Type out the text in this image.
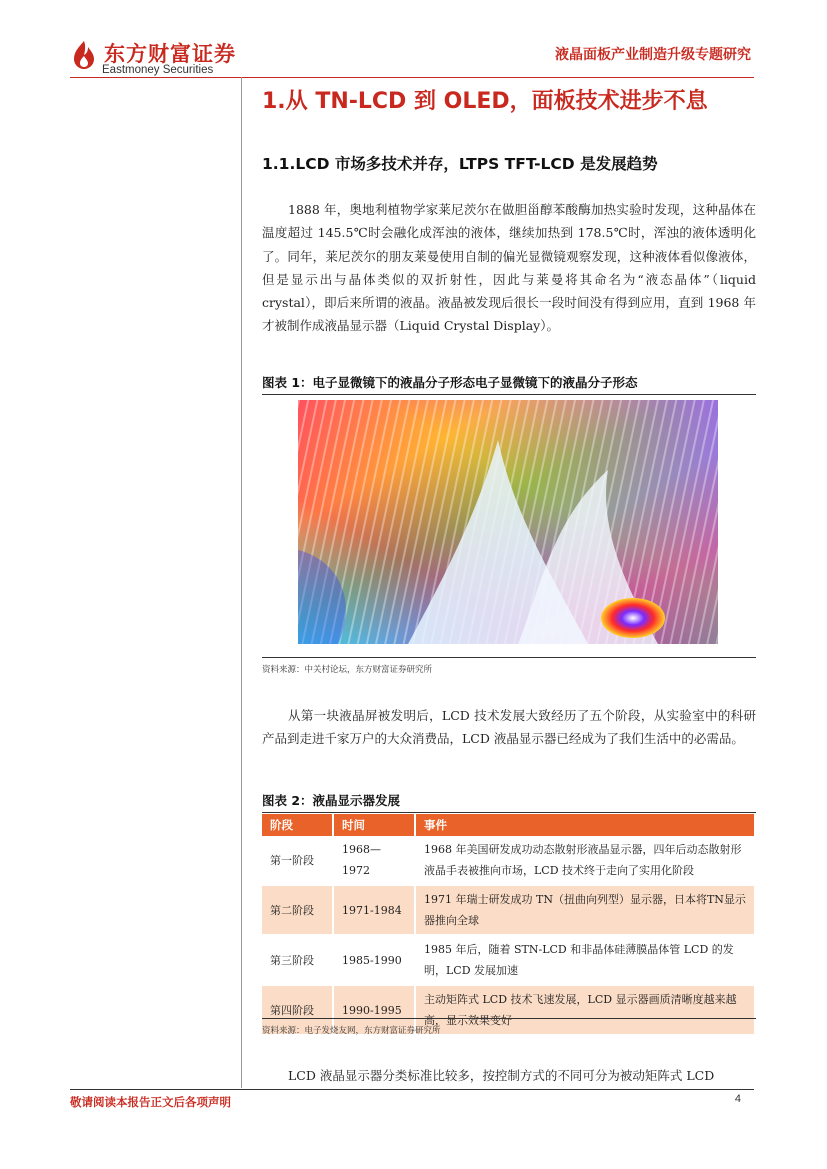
东方财富证券
Eastmoney Securities
液晶面板产业制造升级专题研究
1.从 TN-LCD 到 OLED，面板技术进步不息
1.1.LCD 市场多技术并存，LTPS TFT-LCD 是发展趋势
1888 年，奥地利植物学家莱尼茨尔在做胆甾醇苯酸酶加热实验时发现，这种晶体在温度超过 145.5℃时会融化成浑浊的液体，继续加热到 178.5℃时，浑浊的液体透明化了。同年，莱尼茨尔的朋友莱曼使用自制的偏光显微镜观察发现，这种液体看似像液体，但是显示出与晶体类似的双折射性，因此与莱曼将其命名为“液态晶体”（liquid crystal），即后来所谓的液晶。液晶被发现后很长一段时间没有得到应用，直到 1968 年才被制作成液晶显示器（Liquid Crystal Display）。
图表 1：电子显微镜下的液晶分子形态电子显微镜下的液晶分子形态
资料来源：中关村论坛，东方财富证券研究所
从第一块液晶屏被发明后，LCD 技术发展大致经历了五个阶段，从实验室中的科研产品到走进千家万户的大众消费品，LCD 液晶显示器已经成为了我们生活中的必需品。
图表 2：液晶显示器发展
阶段	时间	事件
第一阶段	1968—1972	1968 年美国研发成功动态散射形液晶显示器，四年后动态散射形液晶手表被推向市场，LCD 技术终于走向了实用化阶段
第二阶段	1971-1984	1971 年瑞士研发成功 TN（扭曲向列型）显示器，日本将TN显示器推向全球
第三阶段	1985-1990	1985 年后，随着 STN-LCD 和非晶体硅薄膜晶体管 LCD 的发明，LCD 发展加速
第四阶段	1990-1995	主动矩阵式 LCD 技术飞速发展，LCD 显示器画质清晰度越来越高，显示效果变好
资料来源：电子发烧友网，东方财富证券研究所
LCD 液晶显示器分类标准比较多，按控制方式的不同可分为被动矩阵式 LCD
敬请阅读本报告正文后各项声明	4
